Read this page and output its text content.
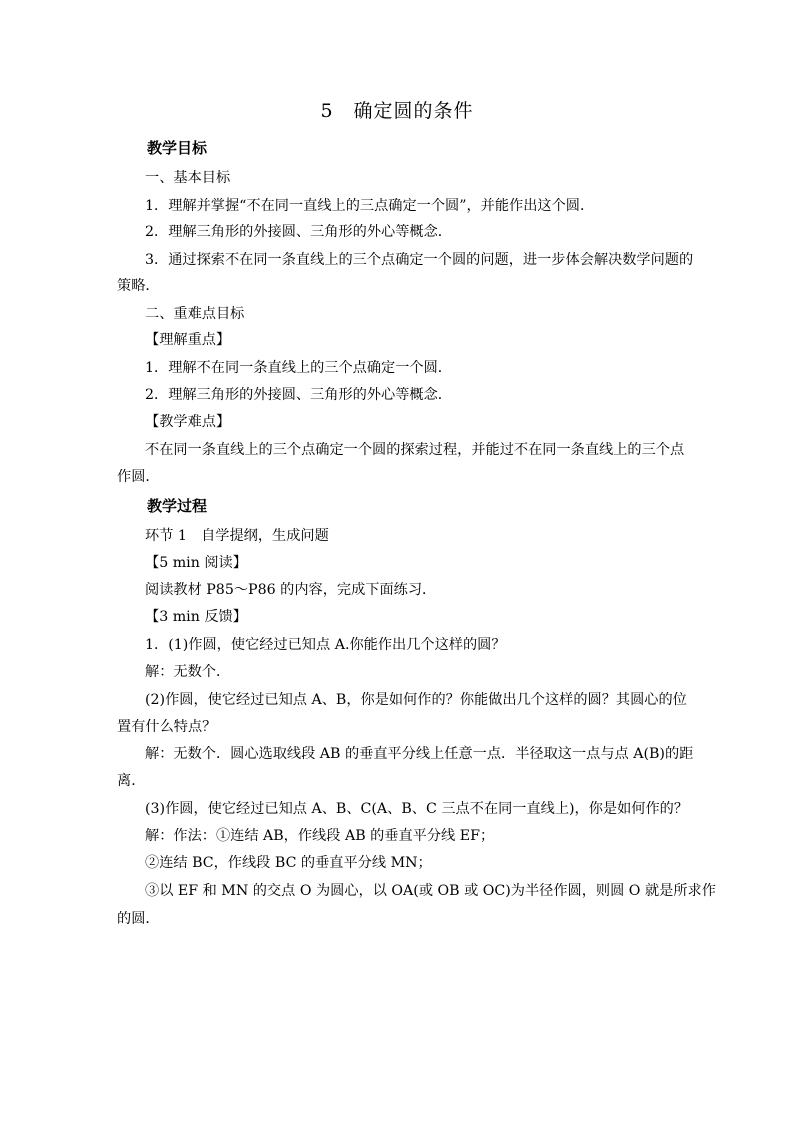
5　确定圆的条件
教学目标
一、基本目标
1．理解并掌握“不在同一直线上的三点确定一个圆”，并能作出这个圆．
2．理解三角形的外接圆、三角形的外心等概念．
3．通过探索不在同一条直线上的三个点确定一个圆的问题，进一步体会解决数学问题的
策略．
二、重难点目标
【理解重点】
1．理解不在同一条直线上的三个点确定一个圆．
2．理解三角形的外接圆、三角形的外心等概念．
【教学难点】
不在同一条直线上的三个点确定一个圆的探索过程，并能过不在同一条直线上的三个点
作圆．
教学过程
环节 1　自学提纲，生成问题
【5 min 阅读】
阅读教材 P85～P86 的内容，完成下面练习．
【3 min 反馈】
1．(1)作圆，使它经过已知点 A.你能作出几个这样的圆？
解：无数个．
(2)作圆，使它经过已知点 A、B，你是如何作的？你能做出几个这样的圆？其圆心的位
置有什么特点？
解：无数个．圆心选取线段 AB 的垂直平分线上任意一点．半径取这一点与点 A(B)的距
离．
(3)作圆，使它经过已知点 A、B、C(A、B、C 三点不在同一直线上)，你是如何作的？
解：作法：①连结 AB，作线段 AB 的垂直平分线 EF；
②连结 BC，作线段 BC 的垂直平分线 MN；
③以 EF 和 MN 的交点 O 为圆心，以 OA(或 OB 或 OC)为半径作圆，则圆 O 就是所求作
的圆．
